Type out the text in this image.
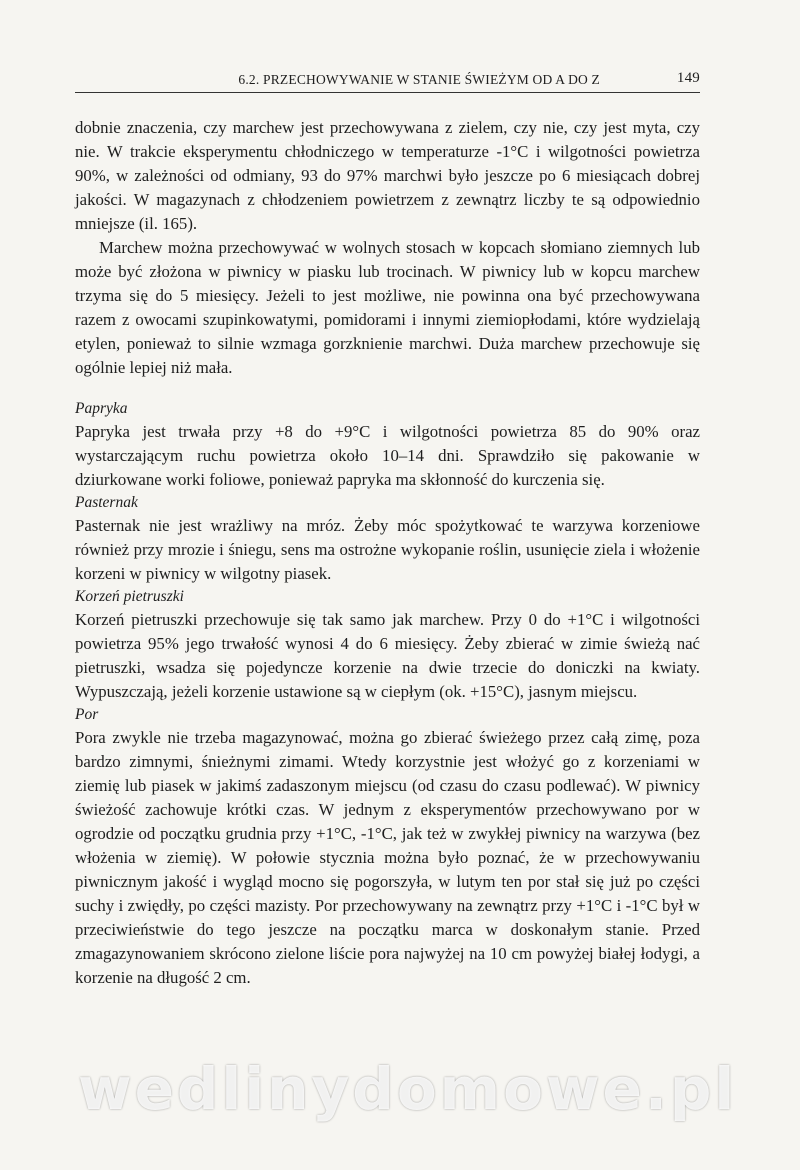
6.2. PRZECHOWYWANIE W STANIE ŚWIEŻYM OD A DO Z	149

dobnie znaczenia, czy marchew jest przechowywana z zielem, czy nie, czy jest myta, czy nie. W trakcie eksperymentu chłodniczego w temperaturze -1°C i wilgotności powietrza 90%, w zależności od odmiany, 93 do 97% marchwi było jeszcze po 6 miesiącach dobrej jakości. W magazynach z chłodzeniem powietrzem z zewnątrz liczby te są odpowiednio mniejsze (il. 165).

Marchew można przechowywać w wolnych stosach w kopcach słomiano ziemnych lub może być złożona w piwnicy w piasku lub trocinach. W piwnicy lub w kopcu marchew trzyma się do 5 miesięcy. Jeżeli to jest możliwe, nie powinna ona być przechowywana razem z owocami szupinkowatymi, pomidorami i innymi ziemiopłodami, które wydzielają etylen, ponieważ to silnie wzmaga gorzknienie marchwi. Duża marchew przechowuje się ogólnie lepiej niż mała.

Papryka

Papryka jest trwała przy +8 do +9°C i wilgotności powietrza 85 do 90% oraz wystarczającym ruchu powietrza około 10–14 dni. Sprawdziło się pakowanie w dziurkowane worki foliowe, ponieważ papryka ma skłonność do kurczenia się.

Pasternak

Pasternak nie jest wrażliwy na mróz. Żeby móc spożytkować te warzywa korzeniowe również przy mrozie i śniegu, sens ma ostrożne wykopanie roślin, usunięcie ziela i włożenie korzeni w piwnicy w wilgotny piasek.

Korzeń pietruszki

Korzeń pietruszki przechowuje się tak samo jak marchew. Przy 0 do +1°C i wilgotności powietrza 95% jego trwałość wynosi 4 do 6 miesięcy. Żeby zbierać w zimie świeżą nać pietruszki, wsadza się pojedyncze korzenie na dwie trzecie do doniczki na kwiaty. Wypuszczają, jeżeli korzenie ustawione są w ciepłym (ok. +15°C), jasnym miejscu.

Por

Pora zwykle nie trzeba magazynować, można go zbierać świeżego przez całą zimę, poza bardzo zimnymi, śnieżnymi zimami. Wtedy korzystnie jest włożyć go z korzeniami w ziemię lub piasek w jakimś zadaszonym miejscu (od czasu do czasu podlewać). W piwnicy świeżość zachowuje krótki czas. W jednym z eksperymentów przechowywano por w ogrodzie od początku grudnia przy +1°C, -1°C, jak też w zwykłej piwnicy na warzywa (bez włożenia w ziemię). W połowie stycznia można było poznać, że w przechowywaniu piwnicznym jakość i wygląd mocno się pogorszyła, w lutym ten por stał się już po części suchy i zwiędły, po części mazisty. Por przechowywany na zewnątrz przy +1°C i -1°C był w przeciwieństwie do tego jeszcze na początku marca w doskonałym stanie. Przed zmagazynowaniem skrócono zielone liście pora najwyżej na 10 cm powyżej białej łodygi, a korzenie na długość 2 cm.

wedlinydomowe.pl
